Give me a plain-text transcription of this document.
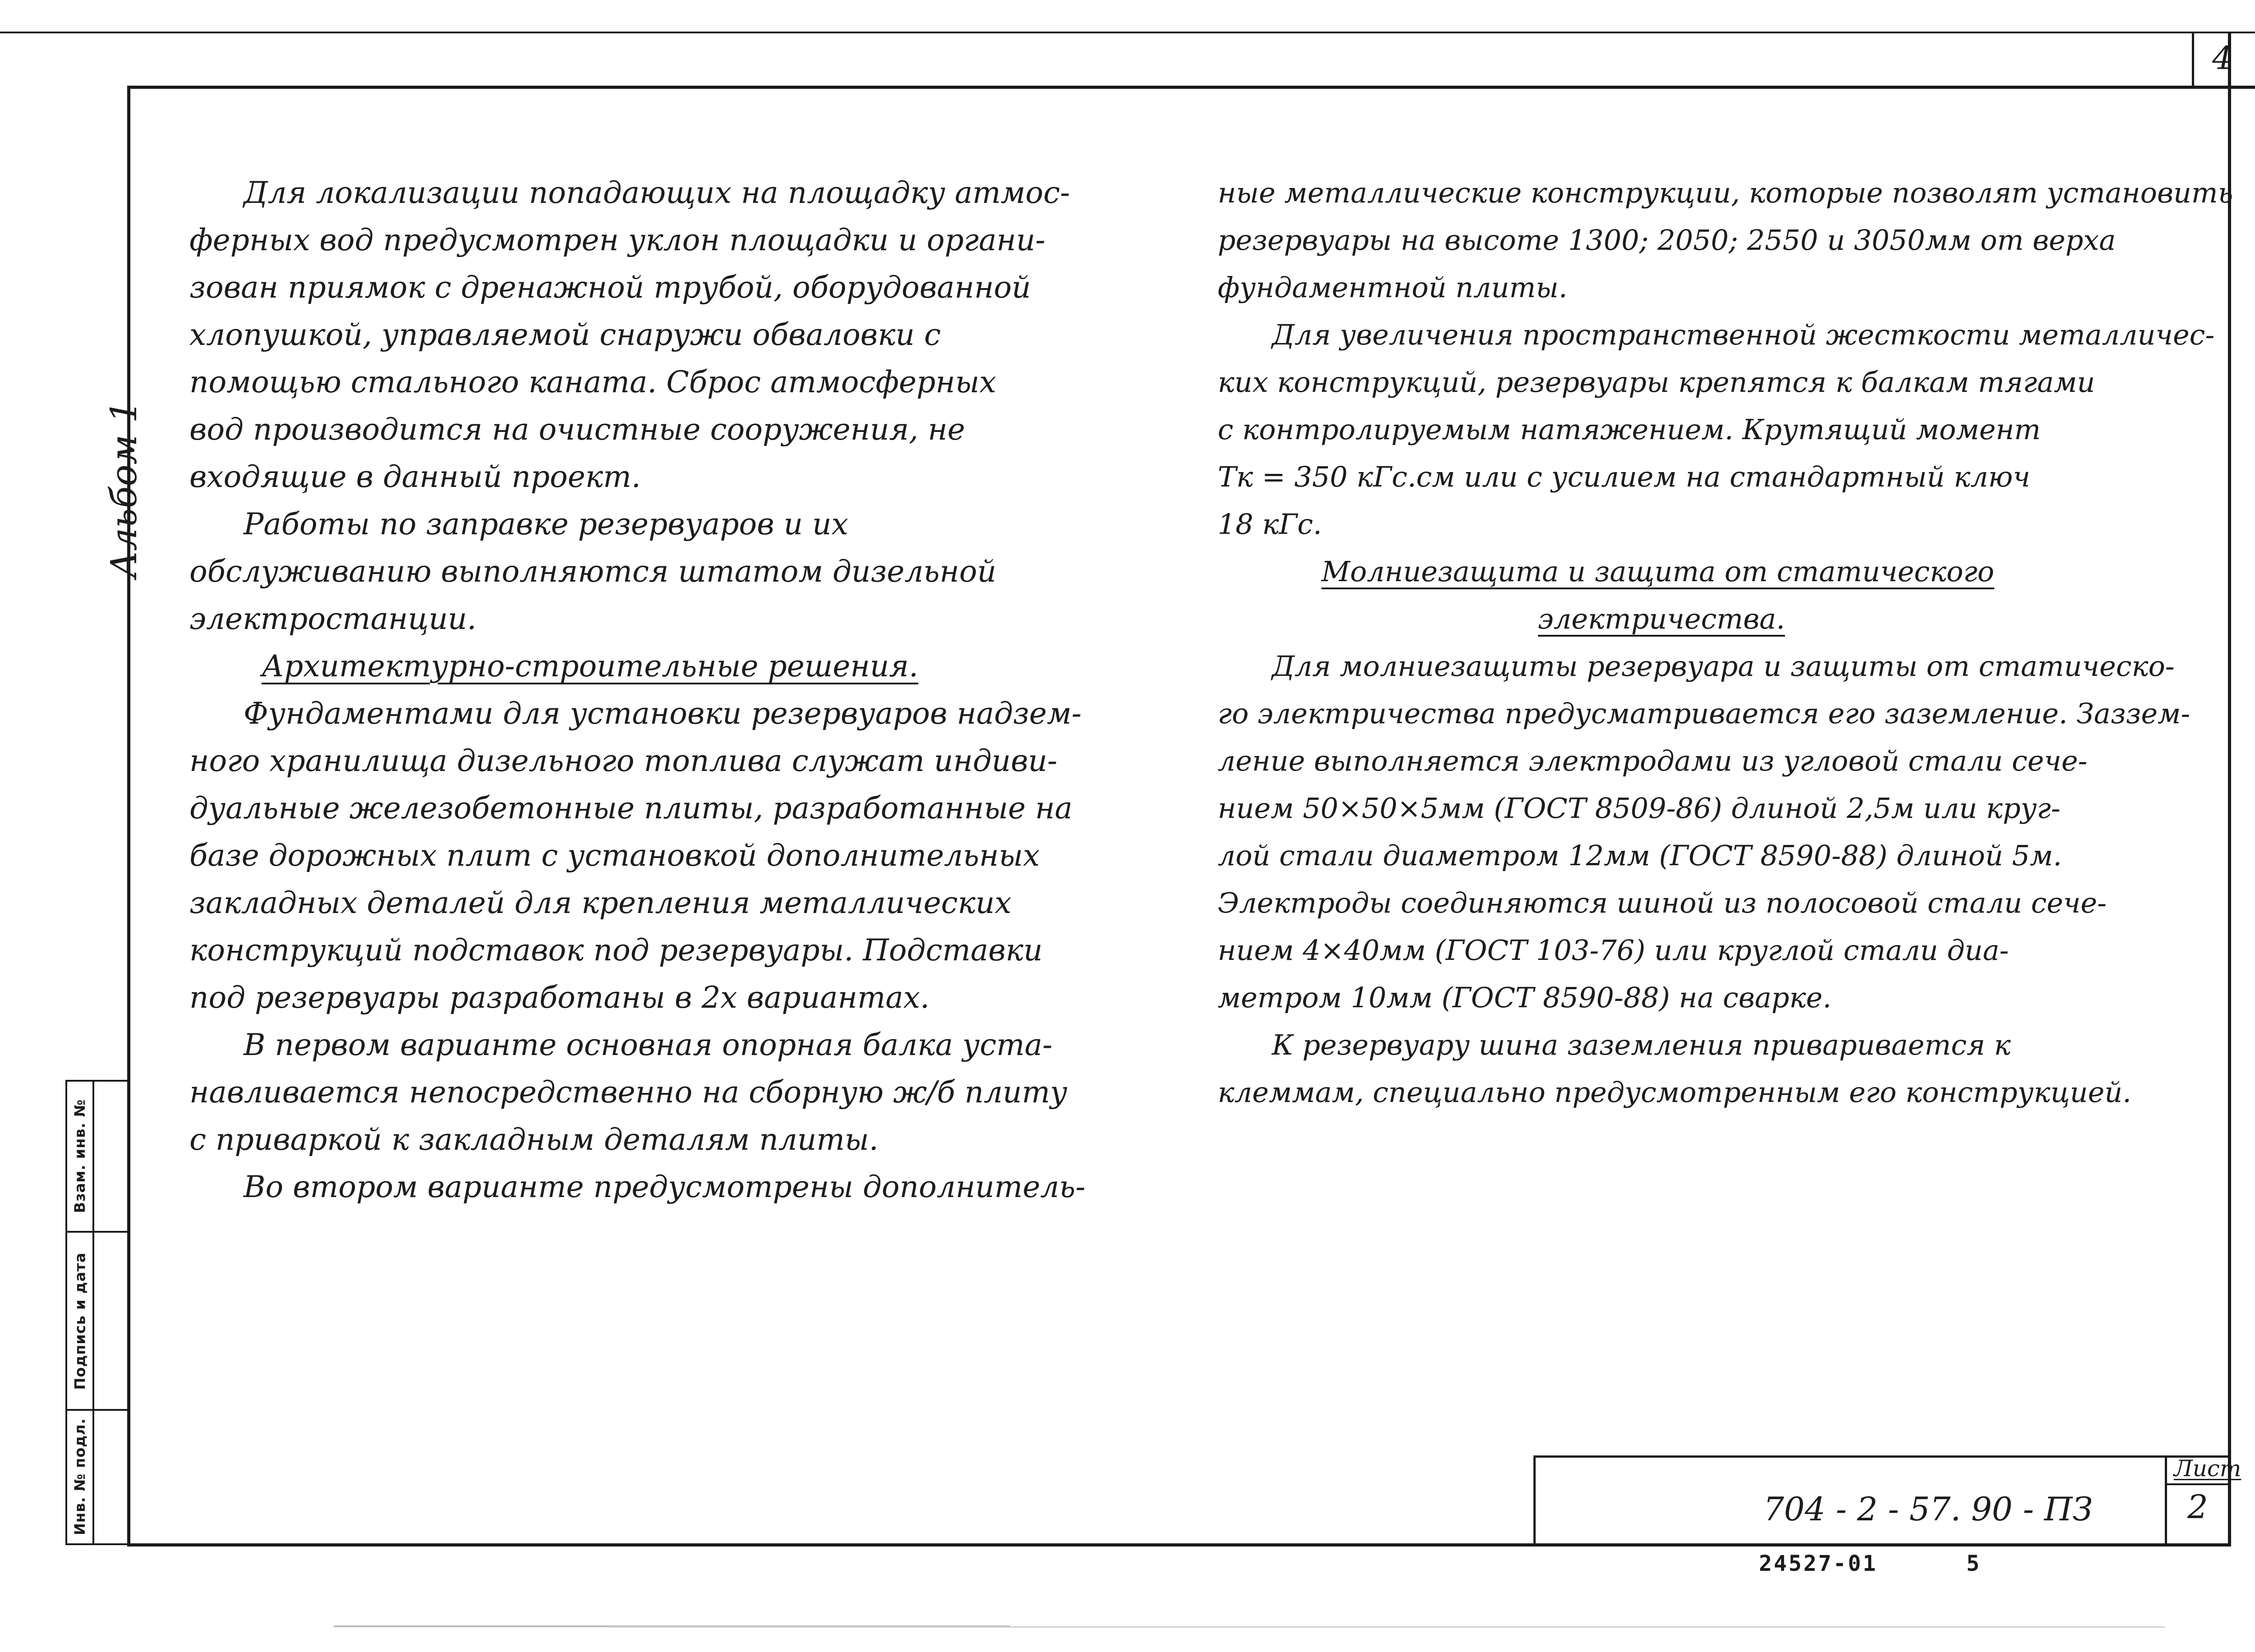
4
Альбом 1
Взам. инв. №
Подпись и дата
Инв. № подл.

Для локализации попадающих на площадку атмос-

ферных вод предусмотрен уклон площадки и органи-

зован приямок с дренажной трубой, оборудованной

хлопушкой, управляемой снаружи обваловки с

помощью стального каната. Сброс атмосферных

вод производится на очистные сооружения, не

входящие в данный проект.

Работы по заправке резервуаров и их

обслуживанию выполняются штатом дизельной

электростанции.

Архитектурно-строительные решения.

Фундаментами для установки резервуаров надзем-

ного хранилища дизельного топлива служат индиви-

дуальные железобетонные плиты, разработанные на

базе дорожных плит с установкой дополнительных

закладных деталей для крепления металлических

конструкций подставок под резервуары. Подставки

под резервуары разработаны в 2х вариантах.

В первом варианте основная опорная балка уста-

навливается непосредственно на сборную ж/б плиту

с приваркой к закладным деталям плиты.

Во втором варианте предусмотрены дополнитель-

ные металлические конструкции, которые позволят установить

резервуары на высоте 1300; 2050; 2550 и 3050мм от верха

фундаментной плиты.

Для увеличения пространственной жесткости металличес-

ких конструкций, резервуары крепятся к балкам тягами

с контролируемым натяжением. Крутящий момент

Тк = 350 кГс.см или с усилием на стандартный ключ

18 кГс.

Молниезащита и защита от статического

электричества.

Для молниезащиты резервуара и защиты от статическо-

го электричества предусматривается его заземление. Заззем-

ление выполняется электродами из угловой стали сече-

нием 50×50×5мм (ГОСТ 8509-86) длиной 2,5м или круг-

лой стали диаметром 12мм (ГОСТ 8590-88) длиной 5м.

Электроды соединяются шиной из полосовой стали сече-

нием 4×40мм (ГОСТ 103-76) или круглой стали диа-

метром 10мм (ГОСТ 8590-88) на сварке.

К резервуару шина заземления приваривается к

клеммам, специально предусмотренным его конструкцией.

Лист
704 - 2 - 57. 90 - ПЗ	2
24527-01	5
